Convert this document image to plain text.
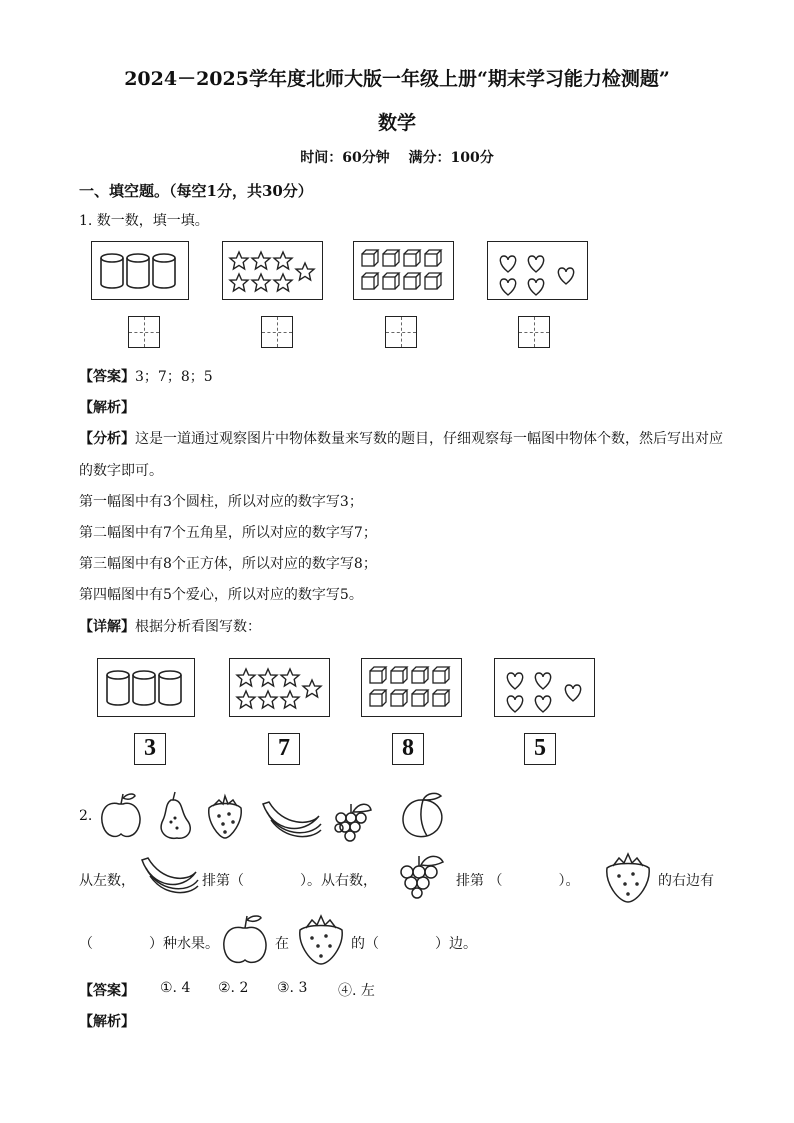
2024－2025学年度北师大版一年级上册“期末学习能力检测题”
数学
时间：60分钟　 满分：100分
一、填空题。（每空1分，共30分）
1. 数一数，填一填。
【答案】3；7；8；5
【解析】
【分析】这是一道通过观察图片中物体数量来写数的题目，仔细观察每一幅图中物体个数，然后写出对应
的数字即可。
第一幅图中有3个圆柱，所以对应的数字写3；
第二幅图中有7个五角星，所以对应的数字写7；
第三幅图中有8个正方体，所以对应的数字写8；
第四幅图中有5个爱心，所以对应的数字写5。
【详解】根据分析看图写数：
3	7	8	5
2.
从左数，	排第（　　　　）。从右数，	排第 （　　　　）。	的右边有
（　　　　）种水果。	在	的（　　　　）边。
【答案】 ①. 4 ②. 2 ③. 3 ④. 左
【解析】
